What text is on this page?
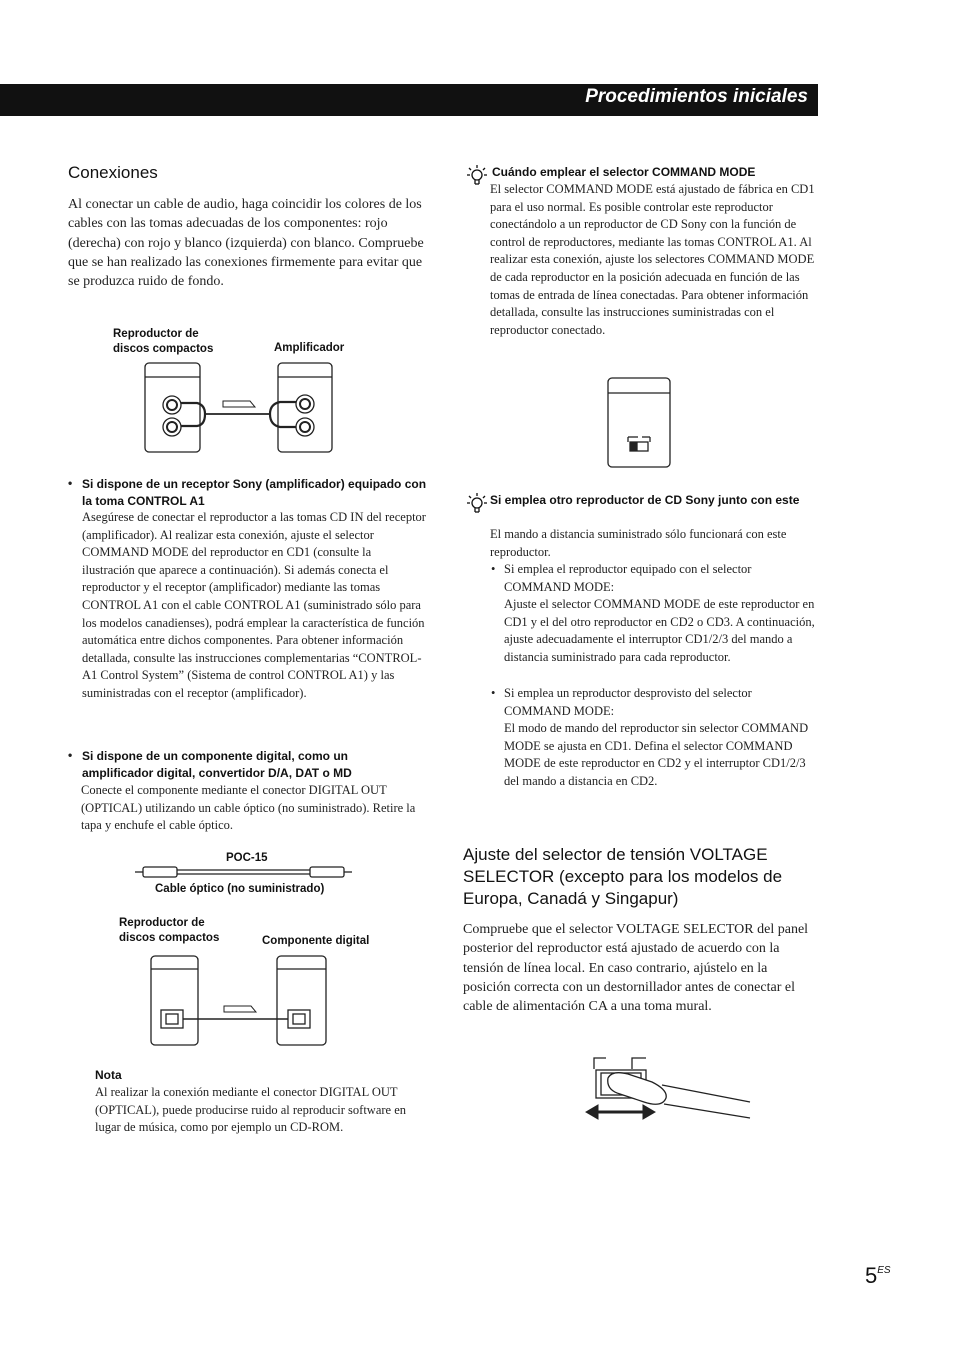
Procedimientos iniciales
Conexiones
Al conectar un cable de audio, haga coincidir los colores de los cables con las tomas adecuadas de los componentes: rojo (derecha) con rojo y blanco (izquierda) con blanco. Compruebe que se han realizado las conexiones firmemente para evitar que se produzca ruido de fondo.
Reproductor de discos compactos	Amplificador
• Si dispone de un receptor Sony (amplificador) equipado con la toma CONTROL A1
Asegúrese de conectar el reproductor a las tomas CD IN del receptor (amplificador). Al realizar esta conexión, ajuste el selector COMMAND MODE del reproductor en CD1 (consulte la ilustración que aparece a continuación). Si además conecta el reproductor y el receptor (amplificador) mediante las tomas CONTROL A1 con el cable CONTROL A1 (suministrado sólo para los modelos canadienses), podrá emplear la característica de función automática entre dichos componentes. Para obtener información detallada, consulte las instrucciones complementarias “CONTROL-A1 Control System” (Sistema de control CONTROL A1) y las suministradas con el receptor (amplificador).
• Si dispone de un componente digital, como un amplificador digital, convertidor D/A, DAT o MD
Conecte el componente mediante el conector DIGITAL OUT (OPTICAL) utilizando un cable óptico (no suministrado). Retire la tapa y enchufe el cable óptico.
POC-15
Cable óptico (no suministrado)
Reproductor de discos compactos	Componente digital
Nota
Al realizar la conexión mediante el conector DIGITAL OUT (OPTICAL), puede producirse ruido al reproducir software en lugar de música, como por ejemplo un CD-ROM.
Cuándo emplear el selector COMMAND MODE
El selector COMMAND MODE está ajustado de fábrica en CD1 para el uso normal. Es posible controlar este reproductor conectándolo a un reproductor de CD Sony con la función de control de reproductores, mediante las tomas CONTROL A1. Al realizar esta conexión, ajuste los selectores COMMAND MODE de cada reproductor en la posición adecuada en función de las tomas de entrada de línea conectadas. Para obtener información detallada, consulte las instrucciones suministradas con el reproductor conectado.
Si emplea otro reproductor de CD Sony junto con este
El mando a distancia suministrado sólo funcionará con este reproductor.
• Si emplea el reproductor equipado con el selector COMMAND MODE:
Ajuste el selector COMMAND MODE de este reproductor en CD1 y el del otro reproductor en CD2 o CD3. A continuación, ajuste adecuadamente el interruptor CD1/2/3 del mando a distancia suministrado para cada reproductor.
• Si emplea un reproductor desprovisto del selector COMMAND MODE:
El modo de mando del reproductor sin selector COMMAND MODE se ajusta en CD1. Defina el selector COMMAND MODE de este reproductor en CD2 y el interruptor CD1/2/3 del mando a distancia en CD2.
Ajuste del selector de tensión VOLTAGE SELECTOR (excepto para los modelos de Europa, Canadá y Singapur)
Compruebe que el selector VOLTAGE SELECTOR del panel posterior del reproductor está ajustado de acuerdo con la tensión de línea local. En caso contrario, ajústelo en la posición correcta con un destornillador antes de conectar el cable de alimentación CA a una toma mural.
$5^{ES}$
